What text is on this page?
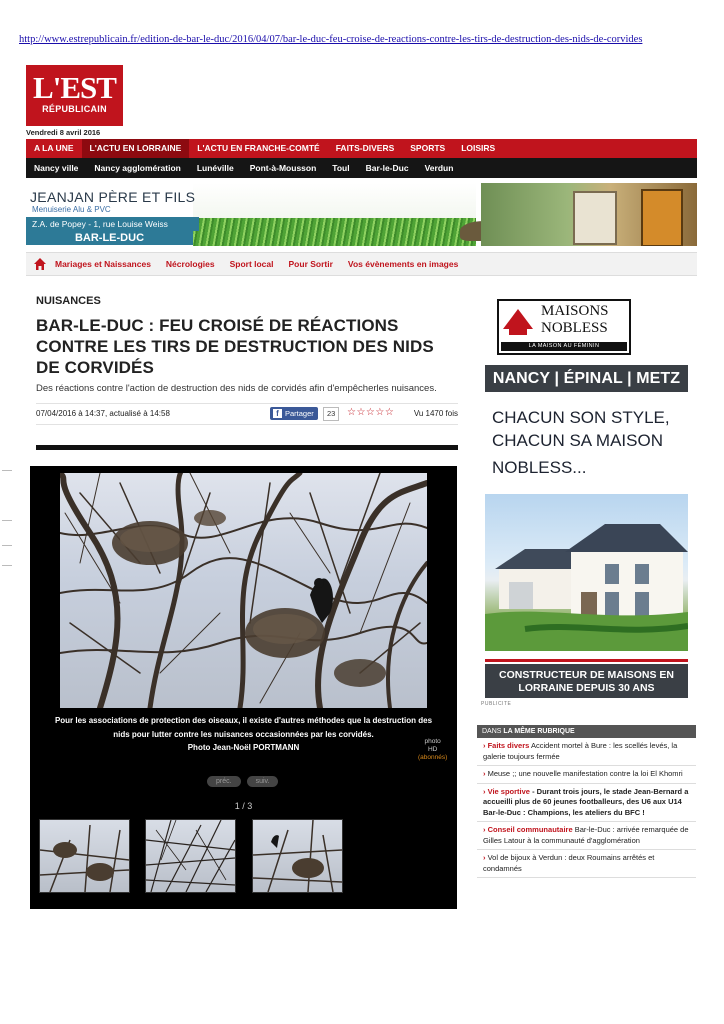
http://www.estrepublicain.fr/edition-de-bar-le-duc/2016/04/07/bar-le-duc-feu-croise-de-reactions-contre-les-tirs-de-destruction-des-nids-de-corvides
L'EST
RÉPUBLICAIN
Vendredi 8 avril 2016
A LA UNE	L'ACTU EN LORRAINE	L'ACTU EN FRANCHE-COMTÉ	FAITS-DIVERS	SPORTS	LOISIRS
Nancy ville	Nancy agglomération	Lunéville	Pont-à-Mousson	Toul	Bar-le-Duc	Verdun
JEANJAN PÈRE ET FILS
Menuiserie Alu & PVC
Z.A. de Popey - 1, rue Louise Weiss
BAR-LE-DUC
Mariages et Naissances Nécrologies Sport local Pour Sortir Vos évènements en images
NUISANCES
BAR-LE-DUC : FEU CROISÉ DE RÉACTIONS CONTRE LES TIRS DE DESTRUCTION DES NIDS DE CORVIDÉS
Des réactions contre l'action de destruction des nids de corvidés afin d'empêcherles nuisances.
07/04/2016 à 14:37, actualisé à 14:58	f Partager	23	☆☆☆☆☆ Vu 1470 fois
Pour les associations de protection des oiseaux, il existe d'autres méthodes que la destruction des nids pour lutter contre les nuisances occasionnées par les corvidés.
Photo Jean-Noël PORTMANN
photo
HD
(abonnés)
préc.	suiv.
1 / 3
MAISONS
NOBLESS
LA MAISON AU FÉMININ
NANCY | ÉPINAL | METZ
CHACUN SON STYLE, CHACUN SA MAISON
NOBLESS...
CONSTRUCTEUR DE MAISONS EN LORRAINE DEPUIS 30 ANS
PUBLICITE
DANS LA MÊME RUBRIQUE
› Faits divers Accident mortel à Bure : les scellés levés, la galerie toujours fermée
› Meuse ;; une nouvelle manifestation contre la loi El Khomri
› Vie sportive - Durant trois jours, le stade Jean-Bernard a accueilli plus de 60 jeunes footballeurs, des U6 aux U14 Bar-le-Duc : Champions, les ateliers du BFC !
› Conseil communautaire Bar-le-Duc : arrivée remarquée de Gilles Latour à la communauté d'agglomération
› Vol de bijoux à Verdun : deux Roumains arrêtés et condamnés
